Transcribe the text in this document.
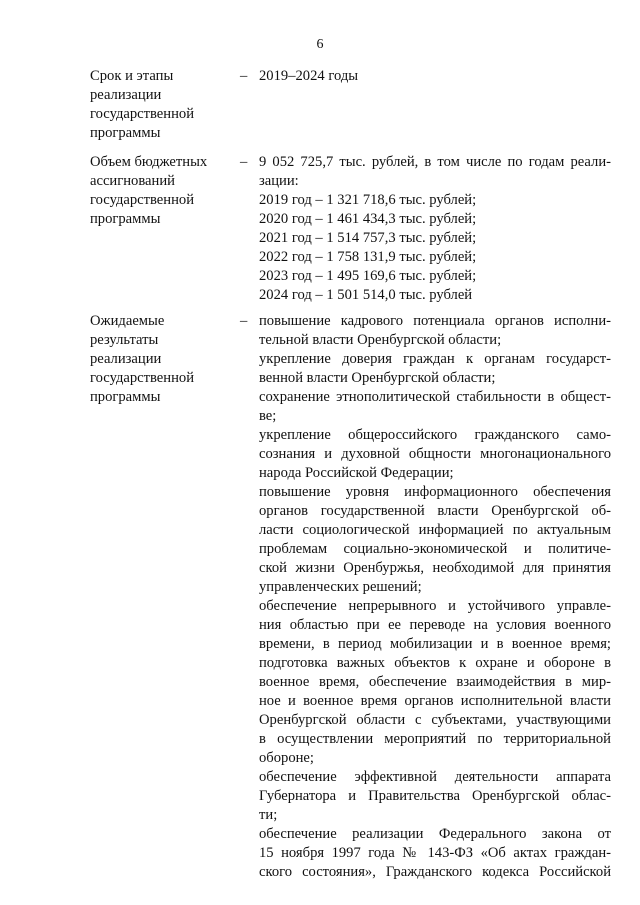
6
Срок и этапы
реализации
государственной
программы
– 2019–2024 годы
Объем бюджетных
ассигнований
государственной
программы
– 9 052 725,7 тыс. рублей, в том числе по годам реали-
зации:
2019 год – 1 321 718,6 тыс. рублей;
2020 год – 1 461 434,3 тыс. рублей;
2021 год – 1 514 757,3 тыс. рублей;
2022 год – 1 758 131,9 тыс. рублей;
2023 год – 1 495 169,6 тыс. рублей;
2024 год – 1 501 514,0 тыс. рублей
Ожидаемые
результаты
реализации
государственной
программы
– повышение кадрового потенциала органов исполни-
тельной власти Оренбургской области;
укрепление доверия граждан к органам государст-
венной власти Оренбургской области;
сохранение этнополитической стабильности в общест-
ве;
укрепление общероссийского гражданского само-
сознания и духовной общности многонационального
народа Российской Федерации;
повышение уровня информационного обеспечения
органов государственной власти Оренбургской об-
ласти социологической информацией по актуальным
проблемам социально-экономической и политиче-
ской жизни Оренбуржья, необходимой для принятия
управленческих решений;
обеспечение непрерывного и устойчивого управле-
ния областью при ее переводе на условия военного
времени, в период мобилизации и в военное время;
подготовка важных объектов к охране и обороне в
военное время, обеспечение взаимодействия в мир-
ное и военное время органов исполнительной власти
Оренбургской области с субъектами, участвующими
в осуществлении мероприятий по территориальной
обороне;
обеспечение эффективной деятельности аппарата
Губернатора и Правительства Оренбургской облас-
ти;
обеспечение реализации Федерального закона от
15 ноября 1997 года № 143-ФЗ «Об актах граждан-
ского состояния», Гражданского кодекса Российской
